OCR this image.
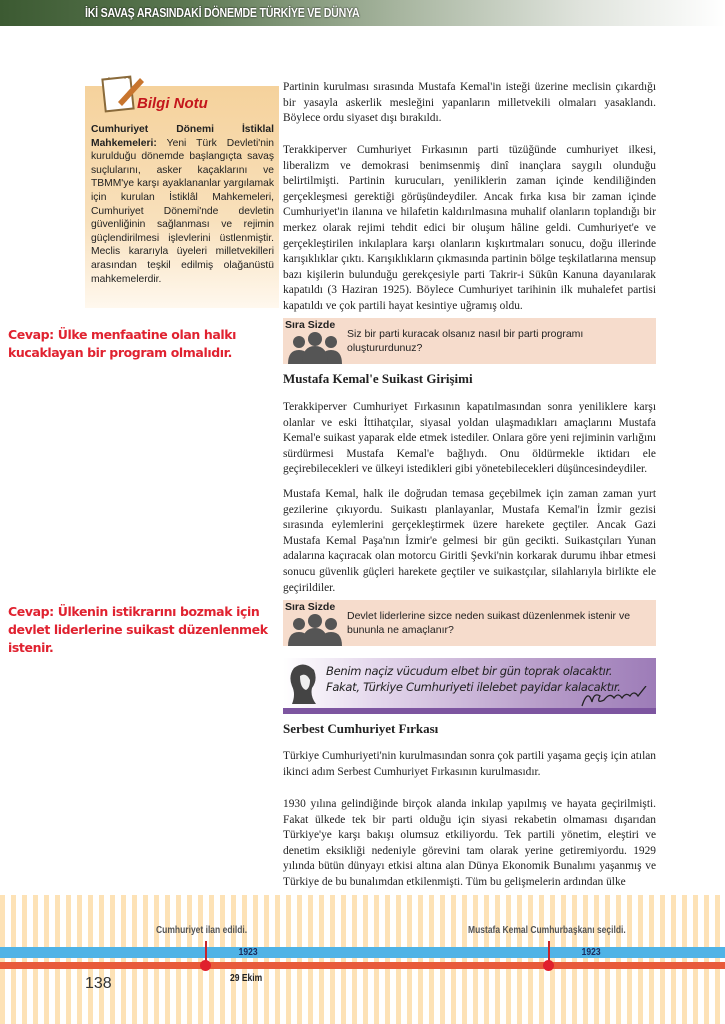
İKİ SAVAŞ ARASINDAKİ DÖNEMDE TÜRKİYE VE DÜNYA
Bilgi Notu
Cumhuriyet Dönemi İstiklal Mahkemeleri: Yeni Türk Devleti'nin kurulduğu dönemde başlangıçta savaş suçlularını, asker kaçaklarını ve TBMM'ye karşı ayaklananlar yargılamak için kurulan İstiklâl Mahkemeleri, Cumhuriyet Dönemi'nde devletin güvenliğinin sağlanması ve rejimin güçlendirilmesi işlevlerini üstlenmiştir. Meclis kararıyla üyeleri milletvekilleri arasından teşkil edilmiş olağanüstü mahkemelerdir.

Partinin kurulması sırasında Mustafa Kemal'in isteği üzerine meclisin çıkardığı bir yasayla askerlik mesleğini yapanların milletvekili olmaları yasaklandı. Böylece ordu siyaset dışı bırakıldı.

Terakkiperver Cumhuriyet Fırkasının parti tüzüğünde cumhuriyet ilkesi, liberalizm ve demokrasi benimsenmiş dinî inançlara saygılı olunduğu belirtilmişti. Partinin kurucuları, yeniliklerin zaman içinde kendiliğinden gerçekleşmesi gerektiği görüşündeydiler. Ancak fırka kısa bir zaman içinde Cumhuriyet'in ilanına ve hilafetin kaldırılmasına muhalif olanların toplandığı bir merkez olarak rejimi tehdit edici bir oluşum hâline geldi. Cumhuriyet'e ve gerçekleştirilen inkılaplara karşı olanların kışkırtmaları sonucu, doğu illerinde karışıklıklar çıktı. Karışıklıkların çıkmasında partinin bölge teşkilatlarına mensup bazı kişilerin bulunduğu gerekçesiyle parti Takrir-i Sükûn Kanuna dayanılarak kapatıldı (3 Haziran 1925). Böylece Cumhuriyet tarihinin ilk muhalefet partisi kapatıldı ve çok partili hayat kesintiye uğramış oldu.

Sıra Sizde
Siz bir parti kuracak olsanız nasıl bir parti programı oluştururdunuz?
Cevap: Ülke menfaatine olan halkı kucaklayan bir program olmalıdır.
Mustafa Kemal'e Suikast Girişimi

Terakkiperver Cumhuriyet Fırkasının kapatılmasından sonra yeniliklere karşı olanlar ve eski İttihatçılar, siyasal yoldan ulaşmadıkları amaçlarını Mustafa Kemal'e suikast yaparak elde etmek istediler. Onlara göre yeni rejiminin varlığını sürdürmesi Mustafa Kemal'e bağlıydı. Onu öldürmekle iktidarı ele geçirebilecekleri ve ülkeyi istedikleri gibi yönetebilecekleri düşüncesindeydiler.

Mustafa Kemal, halk ile doğrudan temasa geçebilmek için zaman zaman yurt gezilerine çıkıyordu. Suikastı planlayanlar, Mustafa Kemal'in İzmir gezisi sırasında eylemlerini gerçekleştirmek üzere harekete geçtiler. Ancak Gazi Mustafa Kemal Paşa'nın İzmir'e gelmesi bir gün gecikti. Suikastçıları Yunan adalarına kaçıracak olan motorcu Giritli Şevki'nin korkarak durumu ihbar etmesi sonucu güvenlik güçleri harekete geçtiler ve suikastçılar, silahlarıyla birlikte ele geçirildiler.

Sıra Sizde
Devlet liderlerine sizce neden suikast düzenlenmek istenir ve bununla ne amaçlanır?
Cevap: Ülkenin istikrarını bozmak için devlet liderlerine suikast düzenlenmek istenir.
Benim naçiz vücudum elbet bir gün toprak olacaktır. Fakat, Türkiye Cumhuriyeti ilelebet payidar kalacaktır.
Serbest Cumhuriyet Fırkası

Türkiye Cumhuriyeti'nin kurulmasından sonra çok partili yaşama geçiş için atılan ikinci adım Serbest Cumhuriyet Fırkasının kurulmasıdır.

1930 yılına gelindiğinde birçok alanda inkılap yapılmış ve hayata geçirilmişti. Fakat ülkede tek bir parti olduğu için siyasi rekabetin olmaması dışarıdan Türkiye'ye karşı bakışı olumsuz etkiliyordu. Tek partili yönetim, eleştiri ve denetim eksikliği nedeniyle görevini tam olarak yerine getiremiyordu. 1929 yılında bütün dünyayı etkisi altına alan Dünya Ekonomik Bunalımı yaşanmış ve Türkiye de bu bunalımdan etkilenmişti. Tüm bu gelişmelerin ardından ülke

Cumhuriyet ilan edildi.
1923
29 Ekim
Mustafa Kemal Cumhurbaşkanı seçildi.
1923
138
